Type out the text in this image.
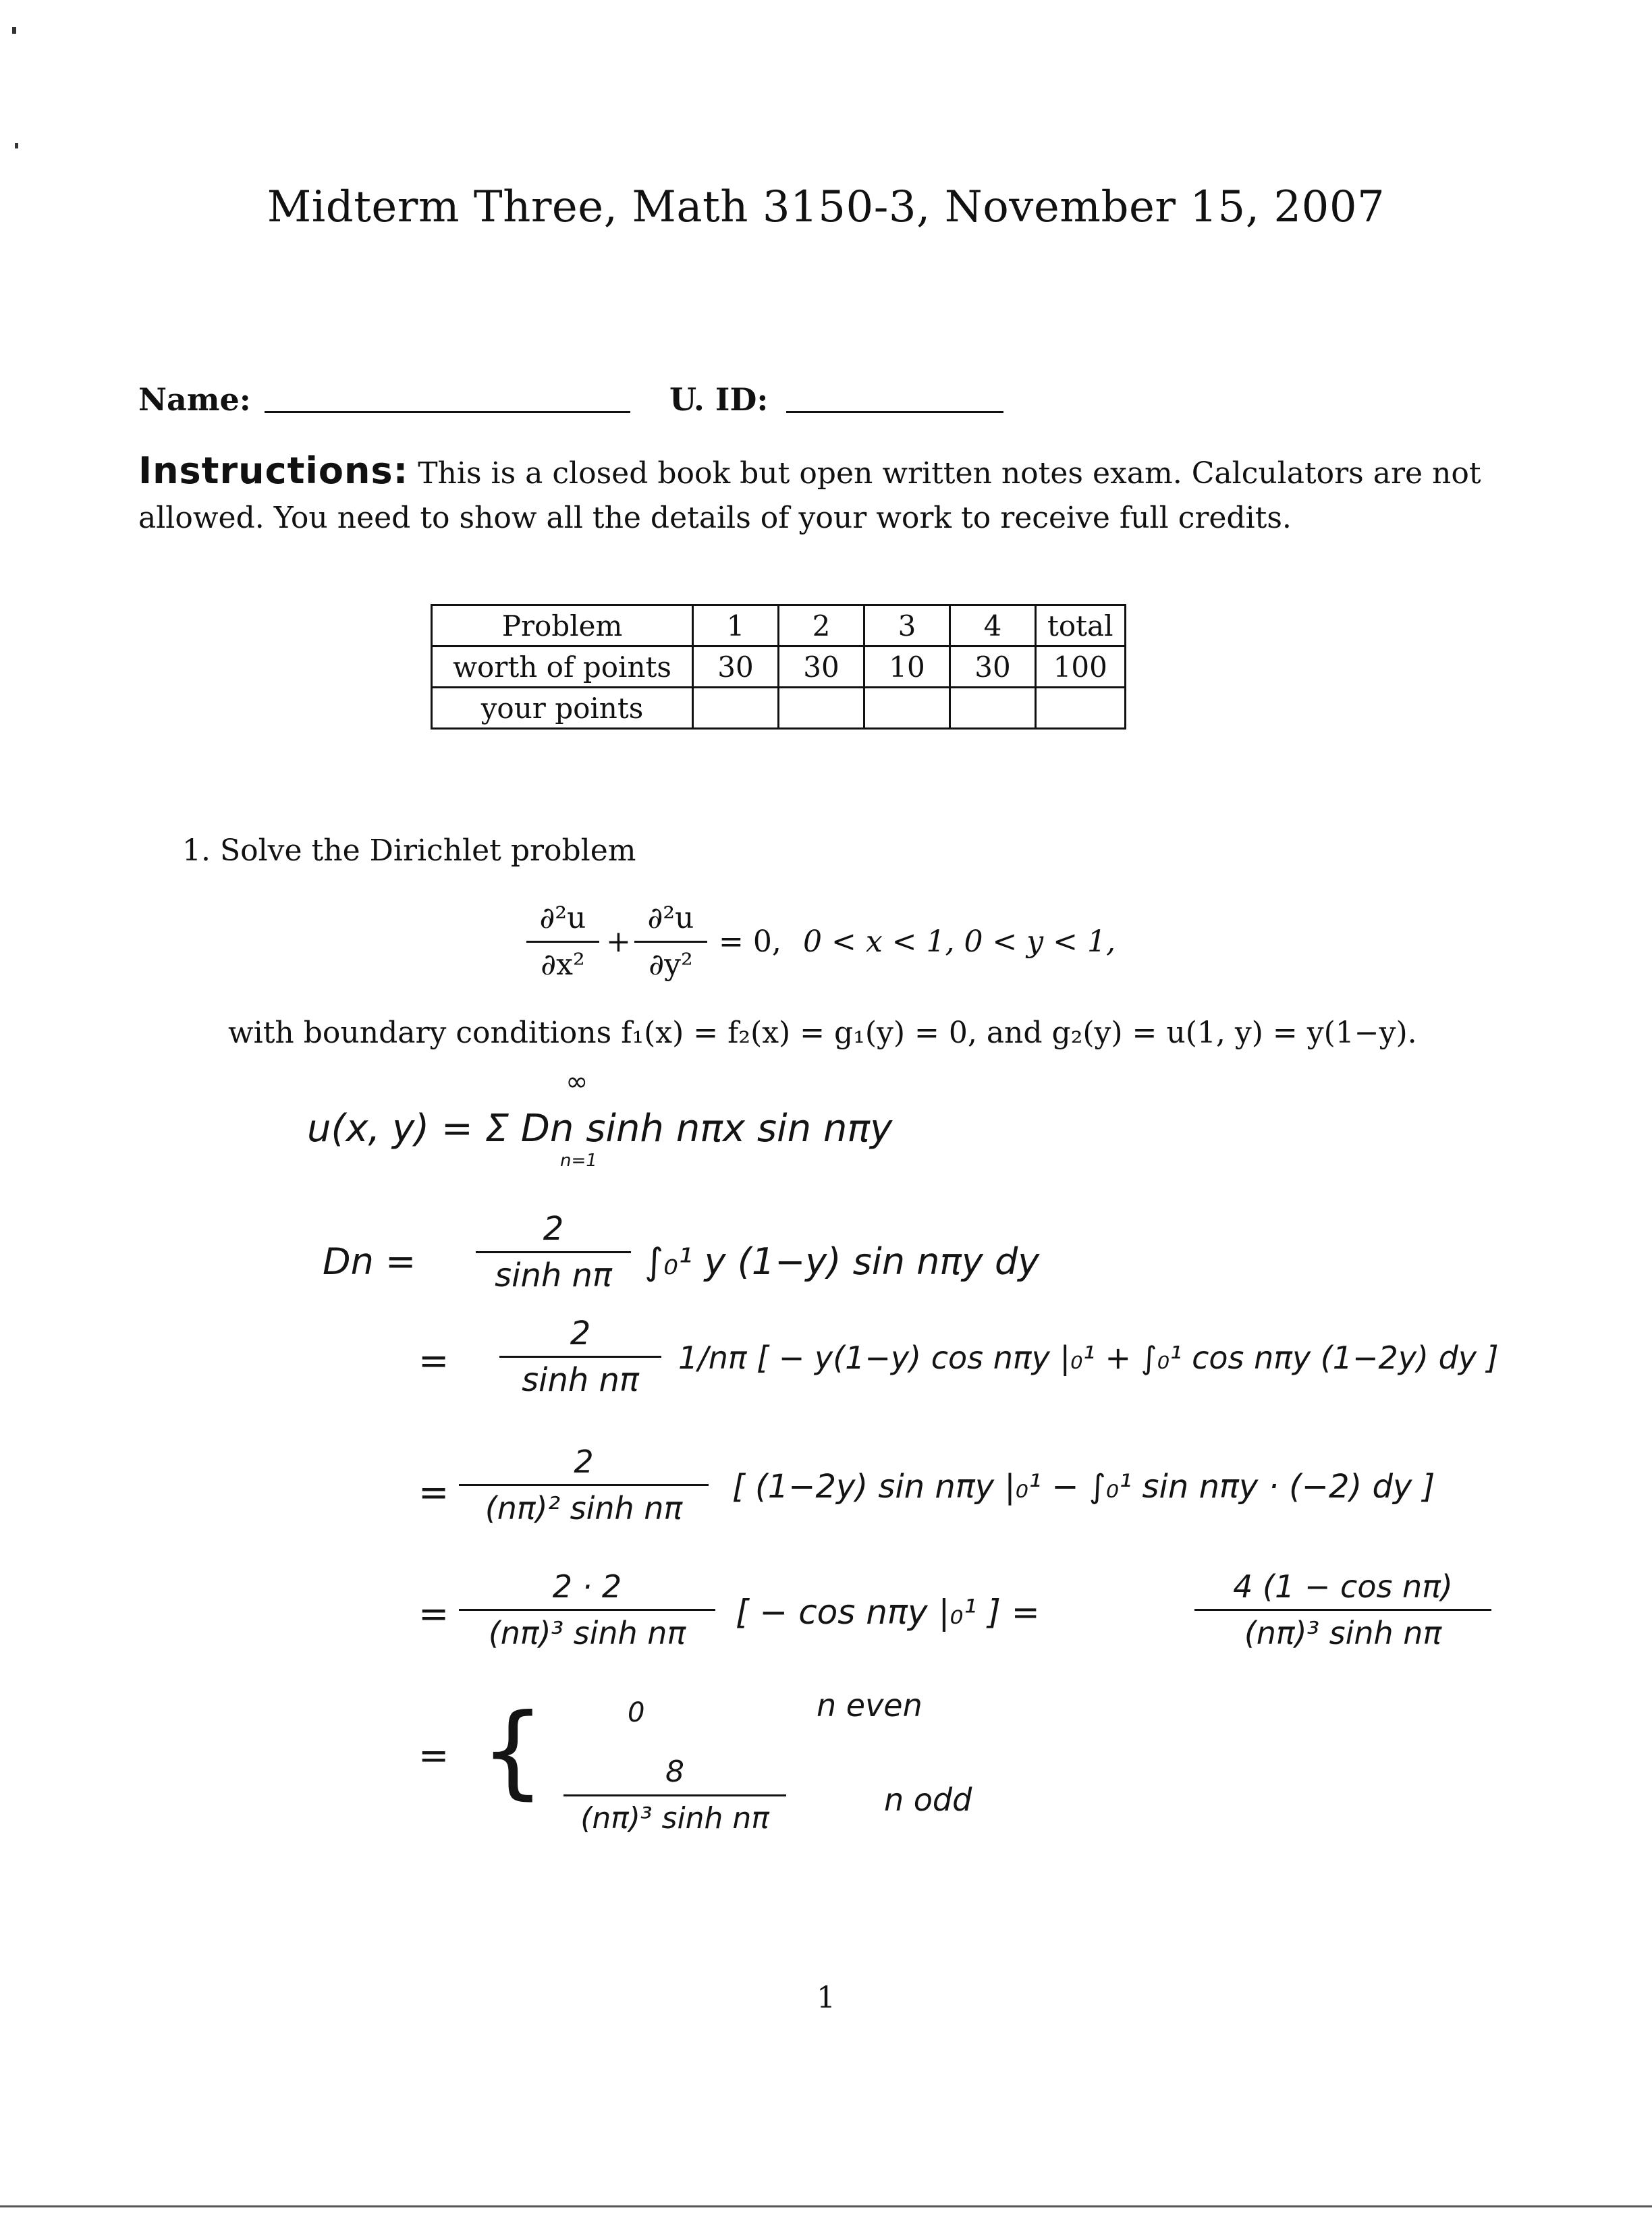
Midterm Three, Math 3150-3, November 15, 2007
Name:	U. ID:

Instructions: This is a closed book but open written notes exam. Calculators are not allowed. You need to show all the details of your work to receive full credits.

Problem	1	2	3	4	total
worth of points	30	30	10	30	100
your points					

1. Solve the Dirichlet problem

∂²u
∂x²
+
∂²u
∂y²
= 0, 0 < x < 1, 0 < y < 1,

with boundary conditions f₁(x) = f₂(x) = g₁(y) = 0, and g₂(y) = u(1, y) = y(1−y).

u(x, y) = Σ Dn sinh nπx sin nπy
∞
n=1
Dn =
2
sinh nπ ∫₀¹ y (1−y) sin nπy dy
=
2
sinh nπ
1/nπ [ − y(1−y) cos nπy |₀¹ + ∫₀¹ cos nπy (1−2y) dy ]
=
2
(nπ)² sinh nπ
[ (1−2y) sin nπy |₀¹ − ∫₀¹ sin nπy · (−2) dy ]
=
2 · 2
(nπ)³ sinh nπ
[ − cos nπy |₀¹ ] =
4 (1 − cos nπ)
(nπ)³ sinh nπ
= {	0	n even
8
(nπ)³ sinh nπ
n odd
1
